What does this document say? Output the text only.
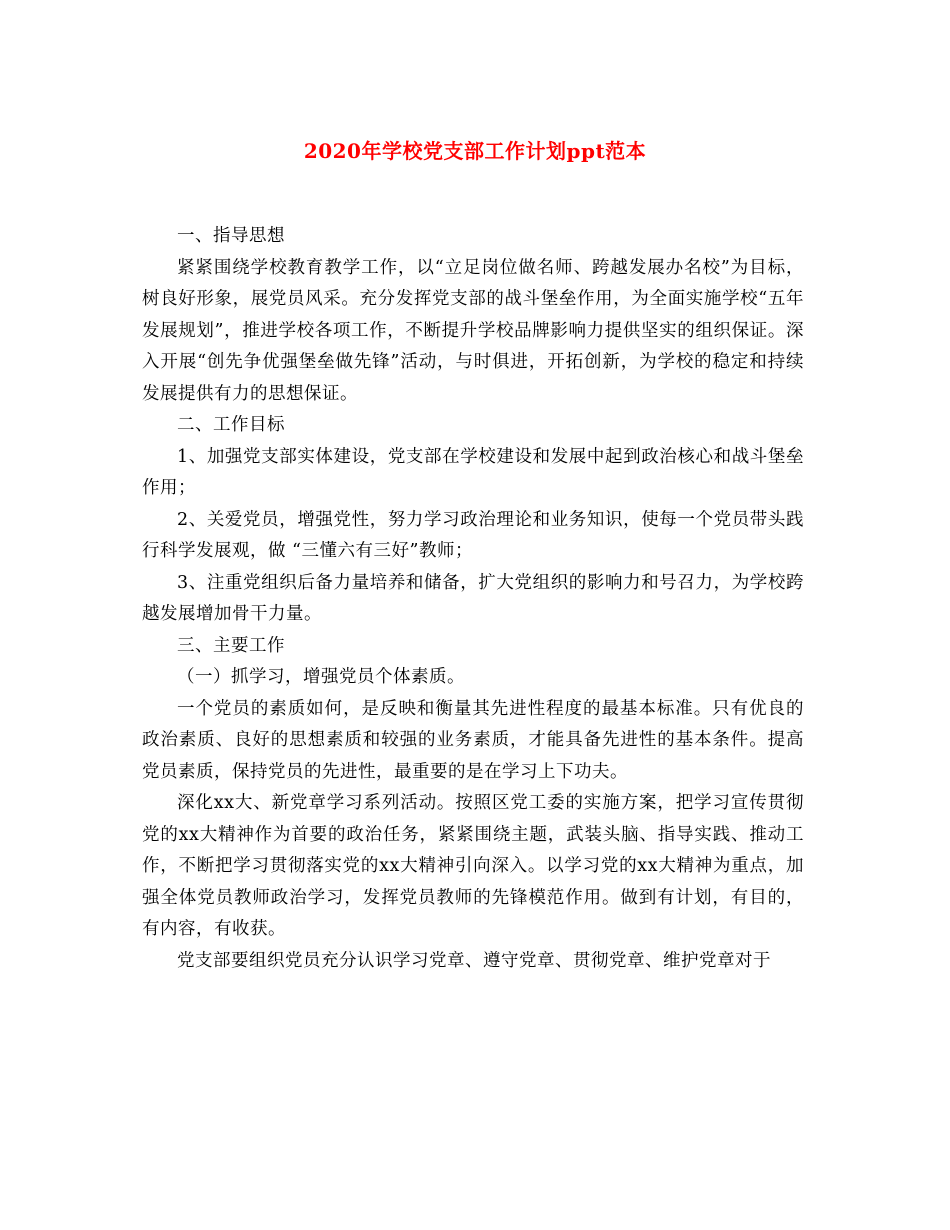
2020年学校党支部工作计划ppt范本

一、指导思想

紧紧围绕学校教育教学工作，以“立足岗位做名师、跨越发展办名校”为目标，树良好形象，展党员风采。充分发挥党支部的战斗堡垒作用，为全面实施学校“五年发展规划”，推进学校各项工作，不断提升学校品牌影响力提供坚实的组织保证。深入开展“创先争优强堡垒做先锋”活动，与时俱进，开拓创新，为学校的稳定和持续发展提供有力的思想保证。

二、工作目标

1、加强党支部实体建设，党支部在学校建设和发展中起到政治核心和战斗堡垒作用；

2、关爱党员，增强党性，努力学习政治理论和业务知识，使每一个党员带头践行科学发展观，做 “三懂六有三好”教师；

3、注重党组织后备力量培养和储备，扩大党组织的影响力和号召力，为学校跨越发展增加骨干力量。

三、主要工作

（一）抓学习，增强党员个体素质。

一个党员的素质如何，是反映和衡量其先进性程度的最基本标准。只有优良的政治素质、良好的思想素质和较强的业务素质，才能具备先进性的基本条件。提高党员素质，保持党员的先进性，最重要的是在学习上下功夫。

深化xx大、新党章学习系列活动。按照区党工委的实施方案，把学习宣传贯彻党的xx大精神作为首要的政治任务，紧紧围绕主题，武装头脑、指导实践、推动工作，不断把学习贯彻落实党的xx大精神引向深入。以学习党的xx大精神为重点，加强全体党员教师政治学习，发挥党员教师的先锋模范作用。做到有计划，有目的，有内容，有收获。

党支部要组织党员充分认识学习党章、遵守党章、贯彻党章、维护党章对于
